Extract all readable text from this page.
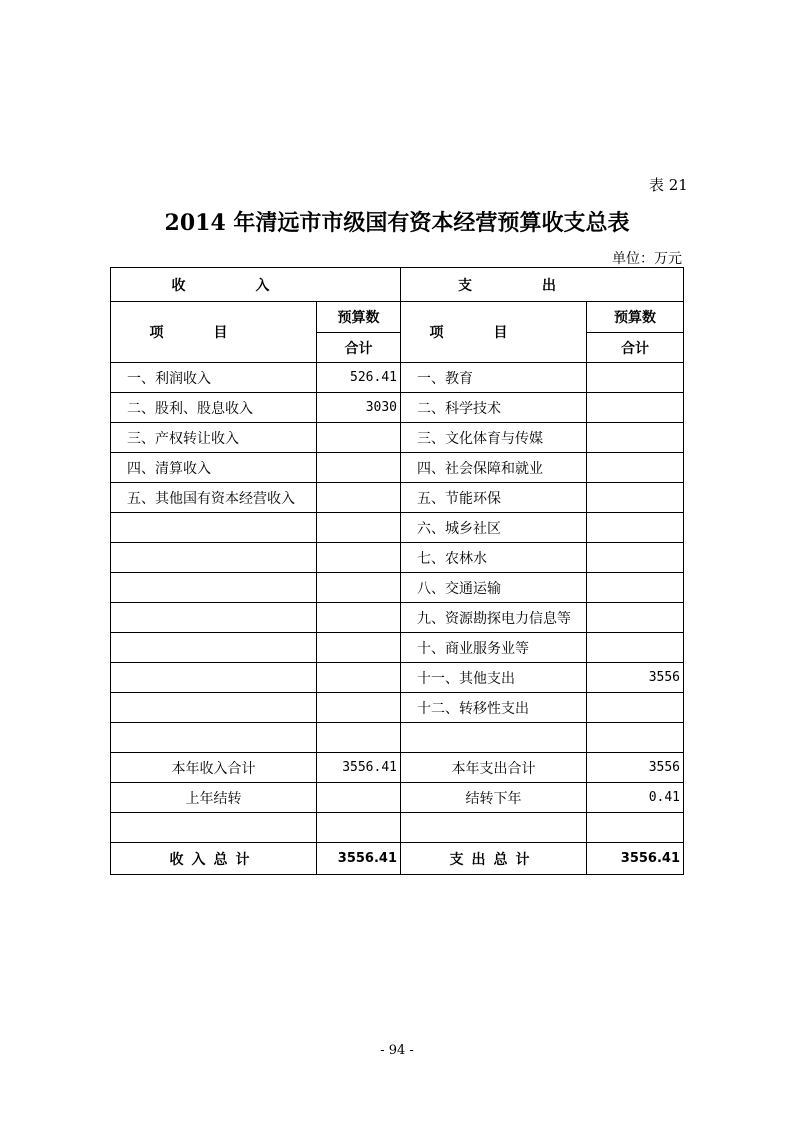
表 21
2014 年清远市市级国有资本经营预算收支总表
单位：万元
收入		支出	
项目	预算数	项目	预算数
	合计		合计
一、利润收入	526.41	一、教育	
二、股利、股息收入	3030	二、科学技术	
三、产权转让收入		三、文化体育与传媒	
四、清算收入		四、社会保障和就业	
五、其他国有资本经营收入		五、节能环保	
		六、城乡社区	
		七、农林水	
		八、交通运输	
		九、资源勘探电力信息等	
		十、商业服务业等	
		十一、其他支出	3556
		十二、转移性支出	

本年收入合计	3556.41	本年支出合计	3556
上年结转		结转下年	0.41

收入总计	3556.41	支出总计	3556.41
- 94 -
